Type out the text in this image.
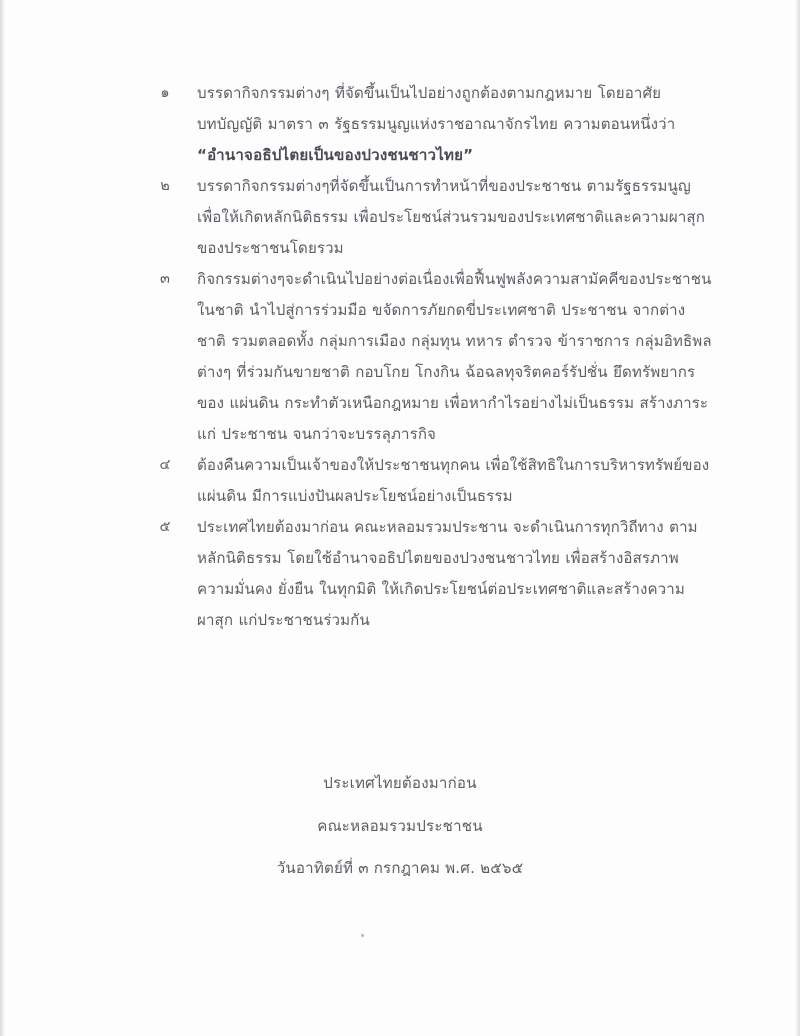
๑	บรรดากิจกรรมต่างๆ ที่จัดขึ้นเป็นไปอย่างถูกต้องตามกฎหมาย โดยอาศัยบทบัญญัติ มาตรา ๓ รัฐธรรมนูญแห่งราชอาณาจักรไทย ความตอนหนึ่งว่า
“อำนาจอธิปไตยเป็นของปวงชนชาวไทย”
๒	บรรดากิจกรรมต่างๆที่จัดขึ้นเป็นการทำหน้าที่ของประชาชน ตามรัฐธรรมนูญ เพื่อให้เกิดหลักนิติธรรม เพื่อประโยชน์ส่วนรวมของประเทศชาติและความผาสุก ของประชาชนโดยรวม
๓	กิจกรรมต่างๆจะดำเนินไปอย่างต่อเนื่องเพื่อฟื้นฟูพลังความสามัคคีของประชาชนในชาติ นำไปสู่การร่วมมือ ขจัดการภัยกดขี่ประเทศชาติ ประชาชน จากต่างชาติ รวมตลอดทั้ง กลุ่มการเมือง กลุ่มทุน ทหาร ตำรวจ ข้าราชการ กลุ่มอิทธิพล ต่างๆ ที่ร่วมกันขายชาติ กอบโกย โกงกิน ฉ้อฉลทุจริตคอร์รัปชั่น ยึดทรัพยากรของ แผ่นดิน กระทำตัวเหนือกฎหมาย เพื่อหากำไรอย่างไม่เป็นธรรม สร้างภาระแก่ ประชาชน จนกว่าจะบรรลุภารกิจ
๔	ต้องคืนความเป็นเจ้าของให้ประชาชนทุกคน เพื่อใช้สิทธิในการบริหารทรัพย์ของ แผ่นดิน มีการแบ่งปันผลประโยชน์อย่างเป็นธรรม
๕	ประเทศไทยต้องมาก่อน คณะหลอมรวมประชาน จะดำเนินการทุกวิถีทาง ตาม หลักนิติธรรม โดยใช้อำนาจอธิปไตยของปวงชนชาวไทย เพื่อสร้างอิสรภาพ ความมั่นคง ยั่งยืน ในทุกมิติ ให้เกิดประโยชน์ต่อประเทศชาติและสร้างความผาสุก แก่ประชาชนร่วมกัน
ประเทศไทยต้องมาก่อน
คณะหลอมรวมประชาชน
วันอาทิตย์ที่ ๓ กรกฎาคม พ.ศ. ๒๕๖๕
